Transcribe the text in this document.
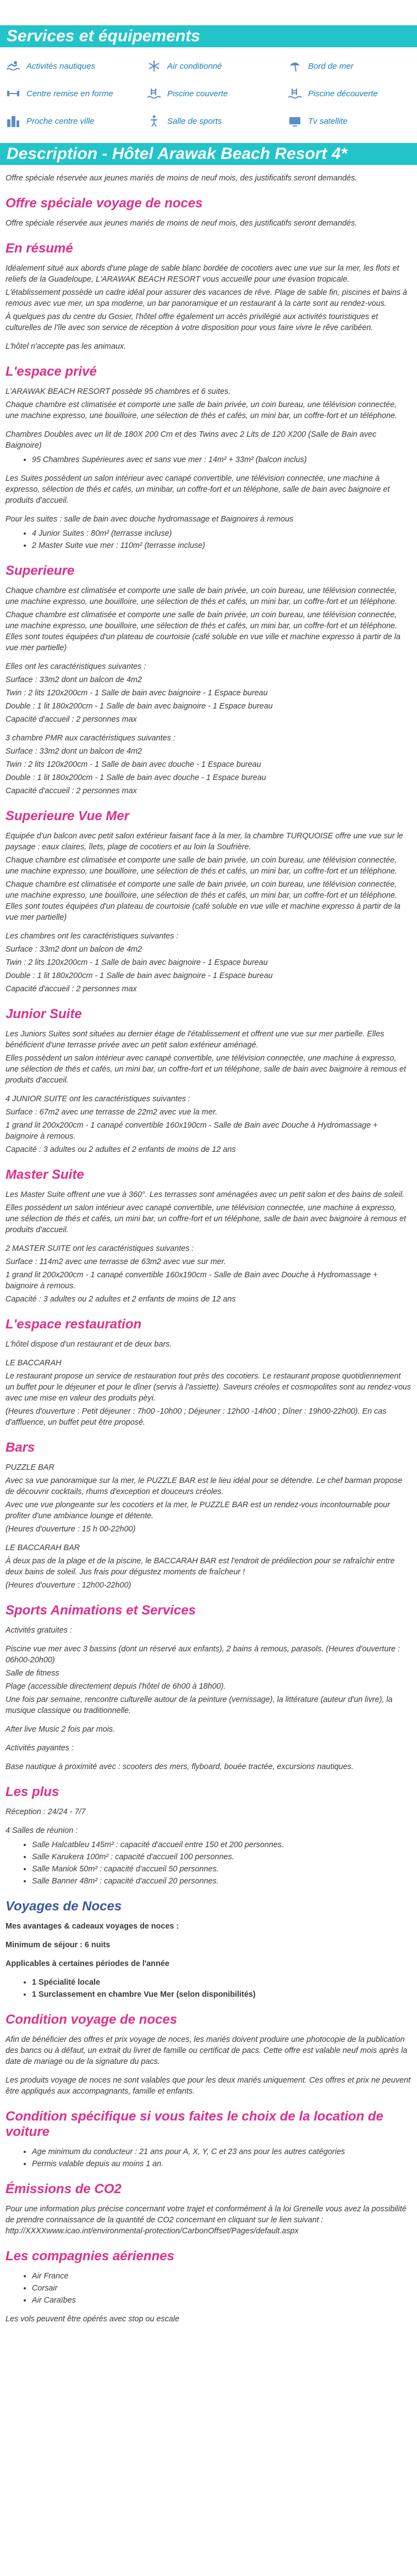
Services et équipements
Activités nautiques	Air conditionné	Bord de mer
Centre remise en forme	Piscine couverte	Piscine découverte
Proche centre ville	Salle de sports	Tv satellite
Description - Hôtel Arawak Beach Resort 4*

Offre spéciale réservée aux jeunes mariés de moins de neuf mois, des justificatifs seront demandés.

Offre spéciale voyage de noces

Offre spéciale réservée aux jeunes mariés de moins de neuf mois, des justificatifs seront demandés.

En résumé

Idéalement situé aux abords d'une plage de sable blanc bordée de cocotiers avec une vue sur la mer, les flots et reliefs de la Guadeloupe, L'ARAWAK BEACH RESORT vous accueille pour une évasion tropicale.

L'établissement possède un cadre idéal pour assurer des vacances de rêve. Plage de sable fin, piscines et bains à remous avec vue mer, un spa moderne, un bar panoramique et un restaurant à la carte sont au rendez-vous.

À quelques pas du centre du Gosier, l'hôtel offre également un accès privilégié aux activités touristiques et culturelles de l'île avec son service de réception à votre disposition pour vous faire vivre le rêve caribéen.

L'hôtel n'accepte pas les animaux.

L'espace privé

L'ARAWAK BEACH RESORT possède 95 chambres et 6 suites.

Chaque chambre est climatisée et comporte une salle de bain privée, un coin bureau, une télévision connectée, une machine expresso, une bouilloire, une sélection de thés et cafés, un mini bar, un coffre-fort et un téléphone.

Chambres Doubles avec un lit de 180X 200 Cm et des Twins avec 2 Lits de 120 X200 (Salle de Bain avec Baignoire)

• 95 Chambres Supérieures avec et sans vue mer : 14m² + 33m² (balcon inclus)

Les Suites possèdent un salon intérieur avec canapé convertible, une télévision connectée, une machine à expresso, sélection de thés et cafés, un minibar, un coffre-fort et un téléphone, salle de bain avec baignoire et produits d'accueil.

Pour les suites : salle de bain avec douche hydromassage et Baignoires à remous

• 4 Junior Suites : 80m² (terrasse incluse)
• 2 Master Suite vue mer : 110m² (terrasse incluse)
Superieure

Chaque chambre est climatisée et comporte une salle de bain privée, un coin bureau, une télévision connectée, une machine expresso, une bouilloire, une sélection de thés et cafés, un mini bar, un coffre-fort et un téléphone.

Chaque chambre est climatisée et comporte une salle de bain privée, un coin bureau, une télévision connectée, une machine expresso, une bouilloire, une sélection de thés et cafés, un mini bar, un coffre-fort et un téléphone. Elles sont toutes équipées d'un plateau de courtoisie (café soluble en vue ville et machine expresso à partir de la vue mer partielle)

Elles ont les caractéristiques suivantes :

Surface : 33m2 dont un balcon de 4m2

Twin : 2 lits 120x200cm - 1 Salle de bain avec baignoire - 1 Espace bureau

Double : 1 lit 180x200cm - 1 Salle de bain avec baignoire - 1 Espace bureau

Capacité d'accueil : 2 personnes max

3 chambre PMR aux caractéristiques suivantes :

Surface : 33m2 dont un balcon de 4m2

Twin : 2 lits 120x200cm - 1 Salle de bain avec douche - 1 Espace bureau

Double : 1 lit 180x200cm - 1 Salle de bain avec douche - 1 Espace bureau

Capacité d'accueil : 2 personnes max

Superieure Vue Mer

Equipée d'un balcon avec petit salon extérieur faisant face à la mer, la chambre TURQUOISE offre une vue sur le paysage : eaux claires, îlets, plage de cocotiers et au loin la Soufrière.

Chaque chambre est climatisée et comporte une salle de bain privée, un coin bureau, une télévision connectée, une machine expresso, une bouilloire, une sélection de thés et cafés, un mini bar, un coffre-fort et un téléphone.

Chaque chambre est climatisée et comporte une salle de bain privée, un coin bureau, une télévision connectée, une machine expresso, une bouilloire, une sélection de thés et cafés, un mini bar, un coffre-fort et un téléphone. Elles sont toutes équipées d'un plateau de courtoisie (café soluble en vue ville et machine expresso à partir de la vue mer partielle)

Les chambres ont les caractéristiques suivantes :

Surface : 33m2 dont un balcon de 4m2

Twin : 2 lits 120x200cm - 1 Salle de bain avec baignoire - 1 Espace bureau

Double : 1 lit 180x200cm - 1 Salle de bain avec baignoire - 1 Espace bureau

Capacité d'accueil : 2 personnes max

Junior Suite

Les Juniors Suites sont situées au dernier étage de l'établissement et offrent une vue sur mer partielle. Elles bénéficient d'une terrasse privée avec un petit salon extérieur aménagé.

Elles possèdent un salon intérieur avec canapé convertible, une télévision connectée, une machine à expresso, une sélection de thés et cafés, un mini bar, un coffre-fort et un téléphone, salle de bain avec baignoire à remous et produits d'accueil.

4 JUNIOR SUITE ont les caractéristiques suivantes :

Surface : 67m2 avec une terrasse de 22m2 avec vue la mer.

1 grand lit 200x200cm - 1 canapé convertible 160x190cm - Salle de Bain avec Douche à Hydromassage + baignoire à remous.

Capacité : 3 adultes ou 2 adultes et 2 enfants de moins de 12 ans

Master Suite

Les Master Suite offrent une vue à 360°. Les terrasses sont aménagées avec un petit salon et des bains de soleil.

Elles possèdent un salon intérieur avec canapé convertible, une télévision connectée, une machine à expresso, une sélection de thés et cafés, un mini bar, un coffre-fort et un téléphone, salle de bain avec baignoire à remous et produits d'accueil.

2 MASTER SUITE ont les caractéristiques suivantes :

Surface : 114m2 avec une terrasse de 63m2 avec vue sur mer.

1 grand lit 200x200cm - 1 canapé convertible 160x190cm - Salle de Bain avec Douche à Hydromassage + baignoire à remous.

Capacité : 3 adultes ou 2 adultes et 2 enfants de moins de 12 ans

L'espace restauration

L'hôtel dispose d'un restaurant et de deux bars.

LE BACCARAH

Le restaurant propose un service de restauration tout près des cocotiers. Le restaurant propose quotidiennement un buffet pour le déjeuner et pour le dîner (servis à l'assiette). Saveurs créoles et cosmopolites sont au rendez-vous avec une mise en valeur des produits pèyi.

(Heures d'ouverture : Petit déjeuner : 7h00 -10h00 ; Déjeuner : 12h00 -14h00 ; Dîner : 19h00-22h00). En cas d'affluence, un buffet peut être proposé.

Bars

PUZZLE BAR

Avec sa vue panoramique sur la mer, le PUZZLE BAR est le lieu idéal pour se détendre. Le chef barman propose de découvrir cocktails, rhums d'exception et douceurs créoles.

Avec une vue plongeante sur les cocotiers et la mer, le PUZZLE BAR est un rendez-vous incontournable pour profiter d'une ambiance lounge et détente.

(Heures d'ouverture : 15 h 00-22h00)

LE BACCARAH BAR

À deux pas de la plage et de la piscine, le BACCARAH BAR est l'endroit de prédilection pour se rafraîchir entre deux bains de soleil. Jus frais pour dégustez moments de fraîcheur !

(Heures d'ouverture : 12h00-22h00)

Sports Animations et Services

Activités gratuites :

Piscine vue mer avec 3 bassins (dont un réservé aux enfants), 2 bains à remous, parasols. (Heures d'ouverture : 06h00-20h00)

Salle de fitness

Plage (accessible directement depuis l'hôtel de 6h00 à 18h00).

Une fois par semaine, rencontre culturelle autour de la peinture (vernissage), la littérature (auteur d'un livre), la musique classique ou traditionnelle.

After live Music 2 fois par mois.

Activités payantes :

Base nautique à proximité avec : scooters des mers, flyboard, bouée tractée, excursions nautiques.

Les plus

Réception : 24/24 - 7/7

4 Salles de réunion :

• Salle Halcatbleu 145m² : capacité d'accueil entre 150 et 200 personnes.
• Salle Karukera 100m² : capacité d'accueil 100 personnes.
• Salle Maniok 50m² : capacité d'accueil 50 personnes.
• Salle Banner 48m² : capacité d'accueil 20 personnes.
Voyages de Noces

Mes avantages & cadeaux voyages de noces :

Minimum de séjour : 6 nuits

Applicables à certaines périodes de l'année

• 1 Spécialité locale
• 1 Surclassement en chambre Vue Mer (selon disponibilités)
Condition voyage de noces

Afin de bénéficier des offres et prix voyage de noces, les mariés doivent produire une photocopie de la publication des bancs ou à défaut, un extrait du livret de famille ou certificat de pacs. Cette offre est valable neuf mois après la date de mariage ou de la signature du pacs.

Les produits voyage de noces ne sont valables que pour les deux mariés uniquement. Ces offres et prix ne peuvent être appliqués aux accompagnants, famille et enfants.

Condition spécifique si vous faites le choix de la location de voiture
• Age minimum du conducteur : 21 ans pour A, X, Y, C et 23 ans pour les autres catégories
• Permis valable depuis au moins 1 an.
Émissions de CO2

Pour une information plus précise concernant votre trajet et conformément à la loi Grenelle vous avez la possibilité de prendre connaissance de la quantité de CO2 concernant en cliquant sur le lien suivant : http://XXXXwww.icao.int/environmental-protection/CarbonOffset/Pages/default.aspx

Les compagnies aériennes
• Air France
• Corsair
• Air Caraïbes

Les vols peuvent être opérés avec stop ou escale
